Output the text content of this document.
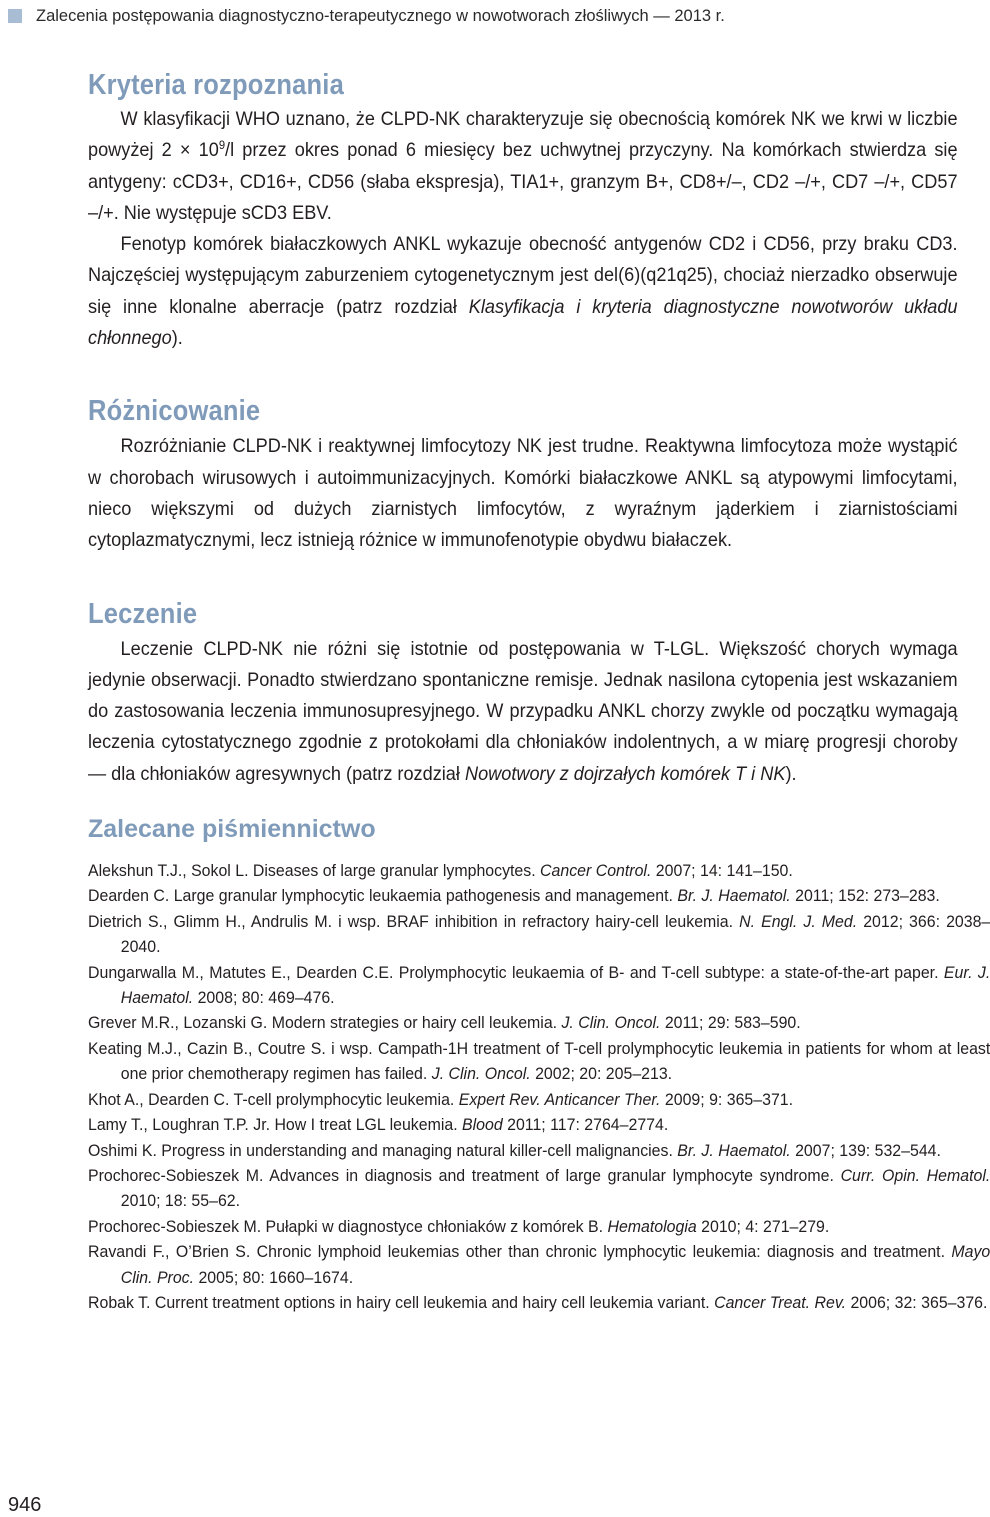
Zalecenia postępowania diagnostyczno-terapeutycznego w nowotworach złośliwych — 2013 r.
Kryteria rozpoznania

W klasyfikacji WHO uznano, że CLPD-NK charakteryzuje się obecnością komórek NK we krwi w liczbie powyżej $2 \times 10^9/l$ przez okres ponad 6 miesięcy bez uchwytnej przyczyny. Na komórkach stwierdza się antygeny: cCD3+, CD16+, CD56 (słaba ekspresja), TIA1+, granzym B+, CD8+/–, CD2 –/+, CD7 –/+, CD57 –/+. Nie występuje sCD3 EBV.

Fenotyp komórek białaczkowych ANKL wykazuje obecność antygenów CD2 i CD56, przy braku CD3. Najczęściej występującym zaburzeniem cytogenetycznym jest del(6)(q21q25), chociaż nierzadko obserwuje się inne klonalne aberracje (patrz rozdział Klasyfikacja i kryteria diagnostyczne nowotworów układu chłonnego).

Różnicowanie

Rozróżnianie CLPD-NK i reaktywnej limfocytozy NK jest trudne. Reaktywna limfocytoza może wystąpić w chorobach wirusowych i autoimmunizacyjnych. Komórki białaczkowe ANKL są atypowymi limfocytami, nieco większymi od dużych ziarnistych limfocytów, z wyraźnym jąderkiem i ziarnistościami cytoplazmatycznymi, lecz istnieją różnice w immunofenotypie obydwu białaczek.

Leczenie

Leczenie CLPD-NK nie różni się istotnie od postępowania w T-LGL. Większość chorych wymaga jedynie obserwacji. Ponadto stwierdzano spontaniczne remisje. Jednak nasilona cytopenia jest wskazaniem do zastosowania leczenia immunosupresyjnego. W przypadku ANKL chorzy zwykle od początku wymagają leczenia cytostatycznego zgodnie z protokołami dla chłoniaków indolentnych, a w miarę progresji choroby — dla chłoniaków agresywnych (patrz rozdział Nowotwory z dojrzałych komórek T i NK).

Zalecane piśmiennictwo
Alekshun T.J., Sokol L. Diseases of large granular lymphocytes. Cancer Control. 2007; 14: 141–150.
Dearden C. Large granular lymphocytic leukaemia pathogenesis and management. Br. J. Haematol. 2011; 152: 273–283.
Dietrich S., Glimm H., Andrulis M. i wsp. BRAF inhibition in refractory hairy-cell leukemia. N. Engl. J. Med. 2012; 366: 2038–2040.
Dungarwalla M., Matutes E., Dearden C.E. Prolymphocytic leukaemia of B- and T-cell subtype: a state-of-the-art paper. Eur. J. Haematol. 2008; 80: 469–476.
Grever M.R., Lozanski G. Modern strategies or hairy cell leukemia. J. Clin. Oncol. 2011; 29: 583–590.
Keating M.J., Cazin B., Coutre S. i wsp. Campath-1H treatment of T-cell prolymphocytic leukemia in patients for whom at least one prior chemotherapy regimen has failed. J. Clin. Oncol. 2002; 20: 205–213.
Khot A., Dearden C. T-cell prolymphocytic leukemia. Expert Rev. Anticancer Ther. 2009; 9: 365–371.
Lamy T., Loughran T.P. Jr. How I treat LGL leukemia. Blood 2011; 117: 2764–2774.
Oshimi K. Progress in understanding and managing natural killer-cell malignancies. Br. J. Haematol. 2007; 139: 532–544.
Prochorec-Sobieszek M. Advances in diagnosis and treatment of large granular lymphocyte syndrome. Curr. Opin. Hematol. 2010; 18: 55–62.
Prochorec-Sobieszek M. Pułapki w diagnostyce chłoniaków z komórek B. Hematologia 2010; 4: 271–279.
Ravandi F., O’Brien S. Chronic lymphoid leukemias other than chronic lymphocytic leukemia: diagnosis and treatment. Mayo Clin. Proc. 2005; 80: 1660–1674.
Robak T. Current treatment options in hairy cell leukemia and hairy cell leukemia variant. Cancer Treat. Rev. 2006; 32: 365–376.
946
